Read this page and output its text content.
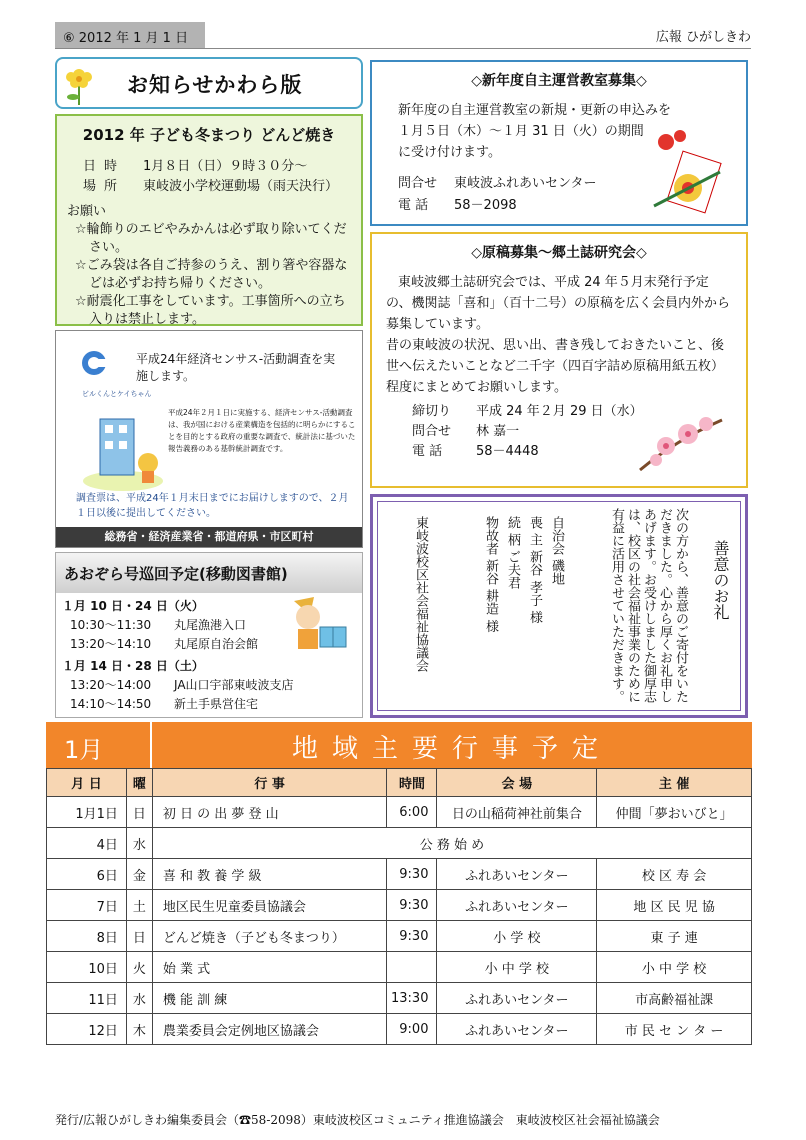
⑥ 2012 年 1 月 1 日	広報 ひがしきわ
お知らせかわら版
2012 年 子ども冬まつり どんど焼き
日時 1月８日（日）９時３０分～
場所 東岐波小学校運動場（雨天決行）
お願い
☆輪飾りのエビやみかんは必ず取り除いてください。
☆ごみ袋は各自ご持参のうえ、割り箸や容器などは必ずお持ち帰りください。
☆耐震化工事をしています。工事箇所への立ち入りは禁止します。
平成24年経済センサス‐活動調査を実施します。
ビルくんとケイちゃん
平成24年２月１日に実施する、経済センサス‐活動調査は、我が国における産業構造を包括的に明らかにすることを目的とする政府の重要な調査で、統計法に基づいた報告義務のある基幹統計調査です。
調査票は、平成24年１月末日までにお届けしますので、２月１日以後に提出してください。
総務省・経済産業省・都道府県・市区町村
あおぞら号巡回予定(移動図書館)
１月 10 日・24 日（火）
10:30～11:30 丸尾漁港入口
13:20～14:10 丸尾原自治会館
１月 14 日・28 日（土）
13:20～14:00 JA山口宇部東岐波支店
14:10～14:50 新土手県営住宅
◇新年度自主運営教室募集◇
新年度の自主運営教室の新規・更新の申込みを
１月５日（木）～１月 31 日（火）の期間
に受け付けます。
問合せ 東岐波ふれあいセンター
電 話 58－2098
◇原稿募集～郷土誌研究会◇
東岐波郷土誌研究会では、平成 24 年５月末発行予定の、機関誌「喜和」（百十二号）の原稿を広く会員内外から募集しています。
昔の東岐波の状況、思い出、書き残しておきたいこと、後世へ伝えたいことなど二千字（四百字詰め原稿用紙五枚）程度にまとめてお願いします。
締切り 平成 24 年２月 29 日（水）
問合せ 林 嘉一
電 話	58－4448
善意のお礼
次の方から、善意のご寄付をいただきました。心から厚くお礼申しあげます。お受けしました御厚志は、校区の社会福祉事業のために有益に活用させていただきます。
自治会 磯地
喪 主 新谷 孝子 様
続 柄 ご夫君
物故者 新谷 耕造 様
東岐波校区社会福祉協議会
1月	地域主要行事予定
月 日	曜	行 事	時間	会 場	主 催
1月1日	日	初 日 の 出 夢 登 山	6:00	日の山稲荷神社前集合	仲間「夢おいびと」
4日	水	公 務 始 め			
6日	金	喜 和 教 養 学 級	9:30	ふれあいセンター	校 区 寿 会
7日	土	地区民生児童委員協議会	9:30	ふれあいセンター	地 区 民 児 協
8日	日	どんど焼き（子ども冬まつり）	9:30	小 学 校	東 子 連
10日	火	始 業 式		小 中 学 校	小 中 学 校
11日	水	機 能 訓 練	13:30	ふれあいセンター	市高齢福祉課
12日	木	農業委員会定例地区協議会	9:00	ふれあいセンター	市 民 セ ン タ ー
発行/広報ひがしきわ編集委員会（☎58-2098）東岐波校区コミュニティ推進協議会　東岐波校区社会福祉協議会
